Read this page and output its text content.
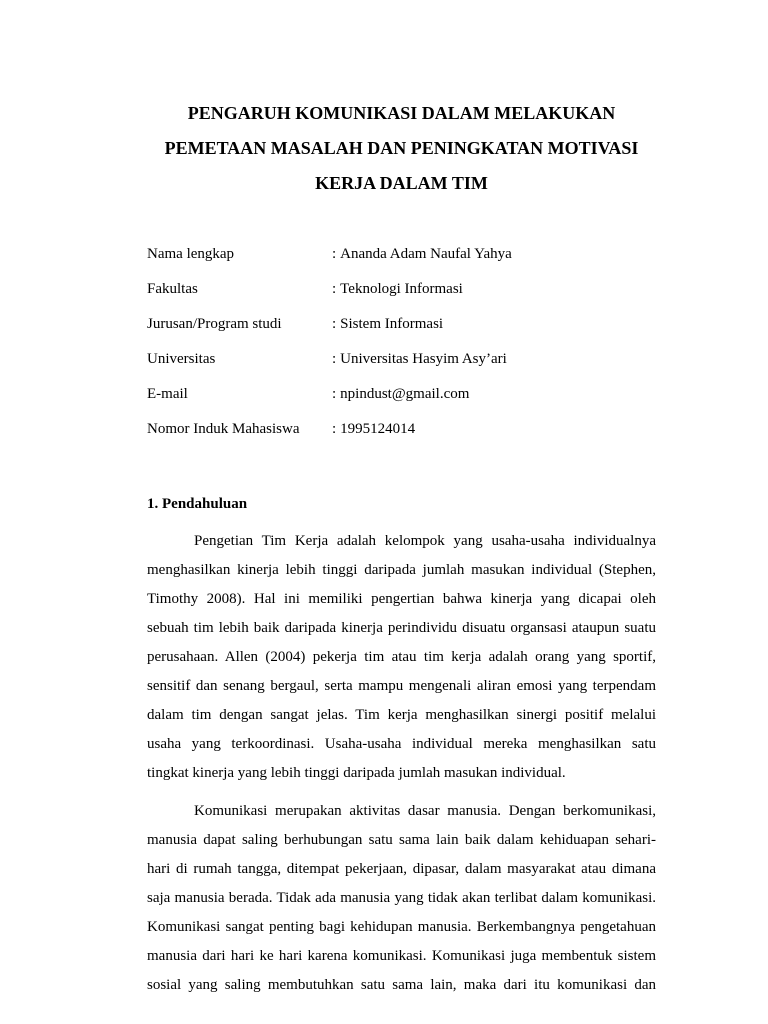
PENGARUH KOMUNIKASI DALAM MELAKUKAN
PEMETAAN MASALAH DAN PENINGKATAN MOTIVASI
KERJA DALAM TIM
Nama lengkap	: Ananda Adam Naufal Yahya
Fakultas	: Teknologi Informasi
Jurusan/Program studi	: Sistem Informasi
Universitas	: Universitas Hasyim Asy’ari
E-mail	: npindust@gmail.com
Nomor Induk Mahasiswa	: 1995124014
1. Pendahuluan
Pengetian Tim Kerja adalah kelompok yang usaha-usaha individualnya
menghasilkan kinerja lebih tinggi daripada jumlah masukan individual (Stephen,
Timothy 2008). Hal ini memiliki pengertian bahwa kinerja yang dicapai oleh
sebuah tim lebih baik daripada kinerja perindividu disuatu organsasi ataupun suatu
perusahaan. Allen (2004) pekerja tim atau tim kerja adalah orang yang sportif,
sensitif dan senang bergaul, serta mampu mengenali aliran emosi yang terpendam
dalam tim dengan sangat jelas. Tim kerja menghasilkan sinergi positif melalui
usaha yang terkoordinasi. Usaha-usaha individual mereka menghasilkan satu
tingkat kinerja yang lebih tinggi daripada jumlah masukan individual.
Komunikasi merupakan aktivitas dasar manusia. Dengan berkomunikasi,
manusia dapat saling berhubungan satu sama lain baik dalam kehiduapan sehari-
hari di rumah tangga, ditempat pekerjaan, dipasar, dalam masyarakat atau dimana
saja manusia berada. Tidak ada manusia yang tidak akan terlibat dalam komunikasi.
Komunikasi sangat penting bagi kehidupan manusia. Berkembangnya pengetahuan
manusia dari hari ke hari karena komunikasi. Komunikasi juga membentuk sistem
sosial yang saling membutuhkan satu sama lain, maka dari itu komunikasi dan
